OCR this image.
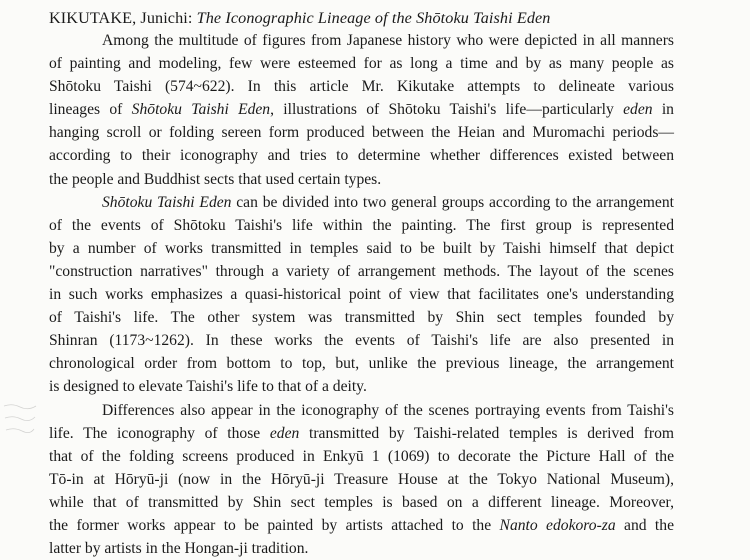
KIKUTAKE, Junichi: The Iconographic Lineage of the Shōtoku Taishi Eden
Among the multitude of figures from Japanese history who were depicted in all manners
of painting and modeling, few were esteemed for as long a time and by as many people as
Shōtoku Taishi (574~622). In this article Mr. Kikutake attempts to delineate various
lineages of Shōtoku Taishi Eden, illustrations of Shōtoku Taishi's life—particularly eden in
hanging scroll or folding sereen form produced between the Heian and Muromachi periods—
according to their iconography and tries to determine whether differences existed between
the people and Buddhist sects that used certain types.
Shōtoku Taishi Eden can be divided into two general groups according to the arrangement
of the events of Shōtoku Taishi's life within the painting. The first group is represented
by a number of works transmitted in temples said to be built by Taishi himself that depict
"construction narratives" through a variety of arrangement methods. The layout of the scenes
in such works emphasizes a quasi-historical point of view that facilitates one's understanding
of Taishi's life. The other system was transmitted by Shin sect temples founded by
Shinran (1173~1262). In these works the events of Taishi's life are also presented in
chronological order from bottom to top, but, unlike the previous lineage, the arrangement
is designed to elevate Taishi's life to that of a deity.
Differences also appear in the iconography of the scenes portraying events from Taishi's
life. The iconography of those eden transmitted by Taishi-related temples is derived from
that of the folding screens produced in Enkyū 1 (1069) to decorate the Picture Hall of the
Tō-in at Hōryū-ji (now in the Hōryū-ji Treasure House at the Tokyo National Museum),
while that of transmitted by Shin sect temples is based on a different lineage. Moreover,
the former works appear to be painted by artists attached to the Nanto edokoro-za and the
latter by artists in the Hongan-ji tradition.
